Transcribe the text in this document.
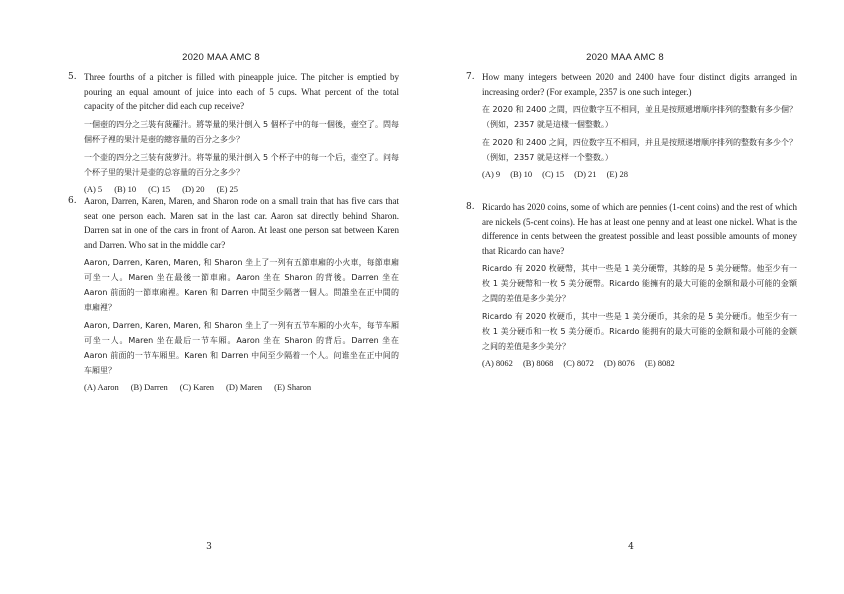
2020 MAA AMC 8
3
5. Three fourths of a pitcher is filled with pineapple juice. The pitcher is emptied by pouring an equal amount of juice into each of 5 cups. What percent of the total capacity of the pitcher did each cup receive?

一個壺的四分之三裝有菠蘿汁。將等量的果汁倒入 5 個杯子中的每一個後，壺空了。問每個杯子裡的果汁是壺的總容量的百分之多少？

一个壶的四分之三装有菠萝汁。将等量的果汁倒入 5 个杯子中的每一个后，壶空了。问每个杯子里的果汁是壶的总容量的百分之多少？

(A) 5 (B) 10 (C) 15 (D) 20 (E) 25
6. Aaron, Darren, Karen, Maren, and Sharon rode on a small train that has five cars that seat one person each. Maren sat in the last car. Aaron sat directly behind Sharon. Darren sat in one of the cars in front of Aaron. At least one person sat between Karen and Darren. Who sat in the middle car?

Aaron, Darren, Karen, Maren, 和 Sharon 坐上了一列有五節車廂的小火車，每節車廂可坐一人。Maren 坐在最後一節車廂。Aaron 坐在 Sharon 的背後。Darren 坐在 Aaron 前面的一節車廂裡。Karen 和 Darren 中間至少隔著一個人。問誰坐在正中間的車廂裡？

Aaron, Darren, Karen, Maren, 和 Sharon 坐上了一列有五节车厢的小火车，每节车厢可坐一人。Maren 坐在最后一节车厢。Aaron 坐在 Sharon 的背后。Darren 坐在 Aaron 前面的一节车厢里。Karen 和 Darren 中间至少隔着一个人。问谁坐在正中间的车厢里？

(A) Aaron (B) Darren (C) Karen (D) Maren (E) Sharon
2020 MAA AMC 8
4
7. How many integers between 2020 and 2400 have four distinct digits arranged in increasing order? (For example, 2357 is one such integer.)

在 2020 和 2400 之間，四位數字互不相同，並且是按照遞增順序排列的整數有多少個？（例如，2357 就是這樣一個整數。）

在 2020 和 2400 之间，四位数字互不相同，并且是按照递增顺序排列的整数有多少个？（例如，2357 就是这样一个整数。）

(A) 9 (B) 10 (C) 15 (D) 21 (E) 28
8. Ricardo has 2020 coins, some of which are pennies (1-cent coins) and the rest of which are nickels (5-cent coins). He has at least one penny and at least one nickel. What is the difference in cents between the greatest possible and least possible amounts of money that Ricardo can have?

Ricardo 有 2020 枚硬幣，其中一些是 1 美分硬幣，其餘的是 5 美分硬幣。他至少有一枚 1 美分硬幣和一枚 5 美分硬幣。Ricardo 能擁有的最大可能的金額和最小可能的金額之間的差值是多少美分？

Ricardo 有 2020 枚硬币，其中一些是 1 美分硬币，其余的是 5 美分硬币。他至少有一枚 1 美分硬币和一枚 5 美分硬币。Ricardo 能拥有的最大可能的金额和最小可能的金额之间的差值是多少美分？

(A) 8062 (B) 8068 (C) 8072 (D) 8076 (E) 8082
